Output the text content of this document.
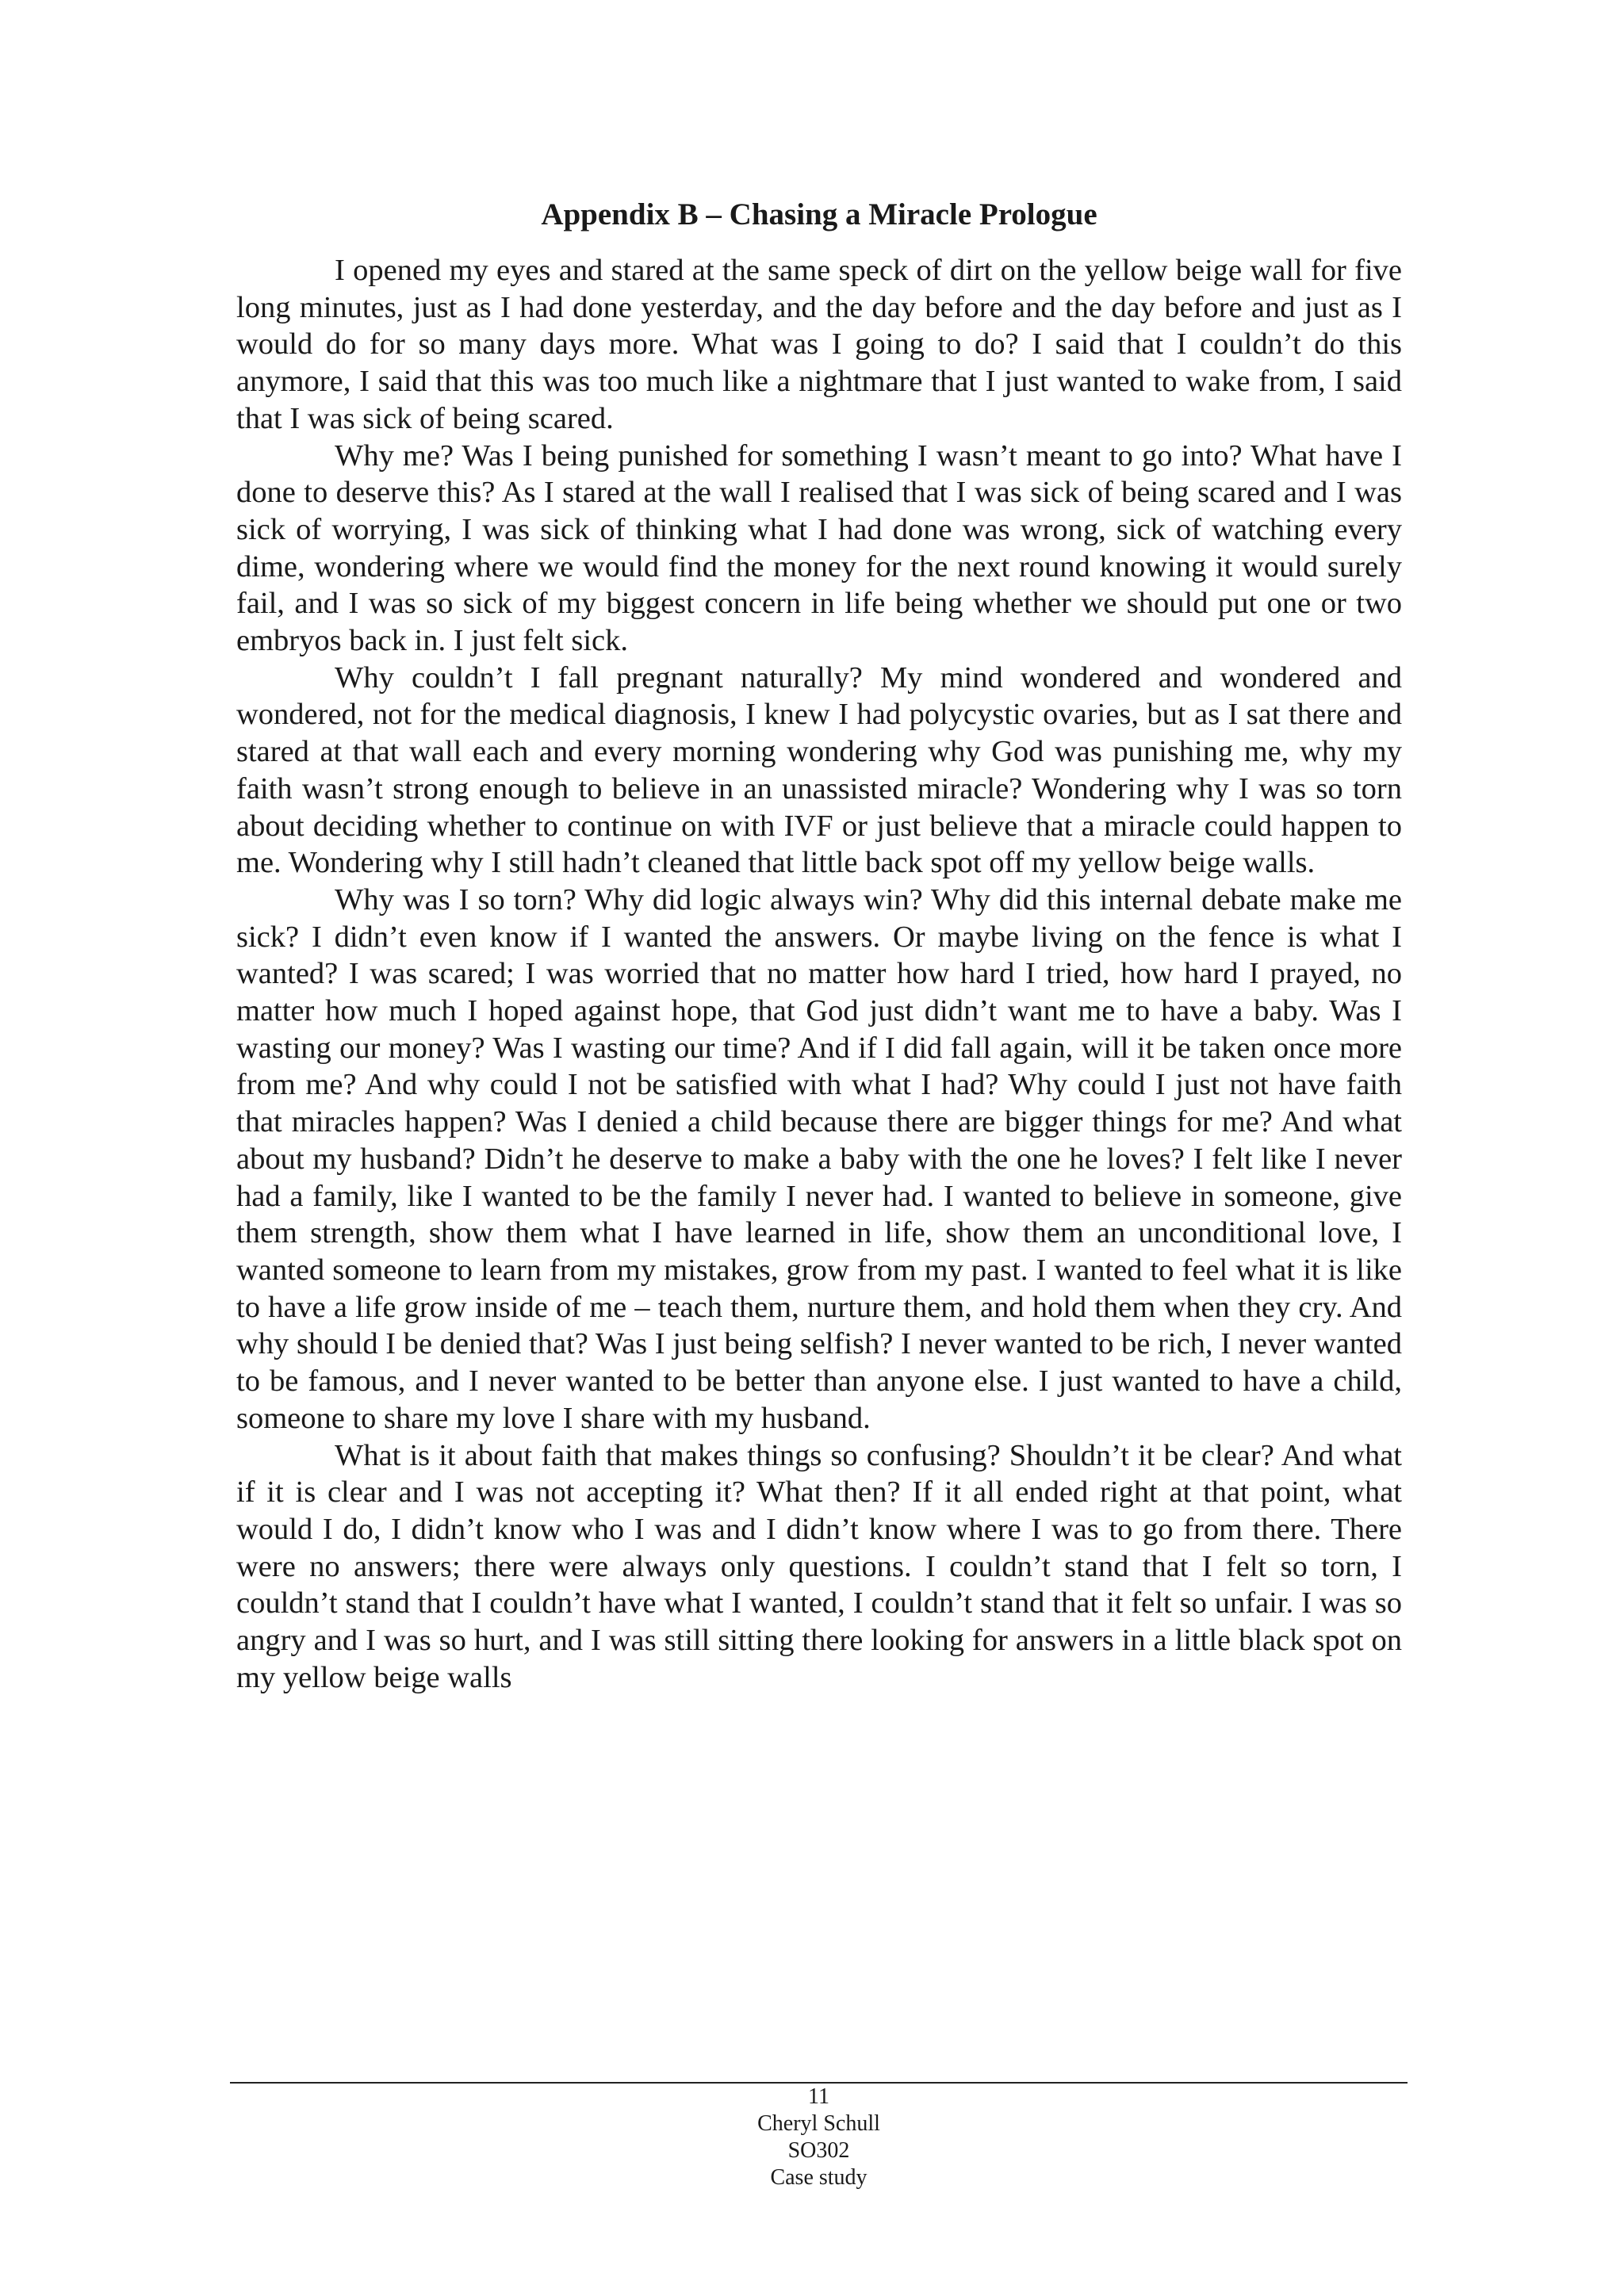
Appendix B – Chasing a Miracle Prologue

I opened my eyes and stared at the same speck of dirt on the yellow beige wall for five long minutes, just as I had done yesterday, and the day before and the day before and just as I would do for so many days more. What was I going to do? I said that I couldn’t do this anymore, I said that this was too much like a nightmare that I just wanted to wake from, I said that I was sick of being scared.

Why me? Was I being punished for something I wasn’t meant to go into? What have I done to deserve this? As I stared at the wall I realised that I was sick of being scared and I was sick of worrying, I was sick of thinking what I had done was wrong, sick of watching every dime, wondering where we would find the money for the next round knowing it would surely fail, and I was so sick of my biggest concern in life being whether we should put one or two embryos back in. I just felt sick.

Why couldn’t I fall pregnant naturally? My mind wondered and wondered and wondered, not for the medical diagnosis, I knew I had polycystic ovaries, but as I sat there and stared at that wall each and every morning wondering why God was punishing me, why my faith wasn’t strong enough to believe in an unassisted miracle? Wondering why I was so torn about deciding whether to continue on with IVF or just believe that a miracle could happen to me. Wondering why I still hadn’t cleaned that little back spot off my yellow beige walls.

Why was I so torn? Why did logic always win? Why did this internal debate make me sick? I didn’t even know if I wanted the answers. Or maybe living on the fence is what I wanted? I was scared; I was worried that no matter how hard I tried, how hard I prayed, no matter how much I hoped against hope, that God just didn’t want me to have a baby. Was I wasting our money? Was I wasting our time? And if I did fall again, will it be taken once more from me? And why could I not be satisfied with what I had? Why could I just not have faith that miracles happen? Was I denied a child because there are bigger things for me? And what about my husband? Didn’t he deserve to make a baby with the one he loves? I felt like I never had a family, like I wanted to be the family I never had. I wanted to believe in someone, give them strength, show them what I have learned in life, show them an unconditional love, I wanted someone to learn from my mistakes, grow from my past. I wanted to feel what it is like to have a life grow inside of me – teach them, nurture them, and hold them when they cry. And why should I be denied that? Was I just being selfish? I never wanted to be rich, I never wanted to be famous, and I never wanted to be better than anyone else. I just wanted to have a child, someone to share my love I share with my husband.

What is it about faith that makes things so confusing? Shouldn’t it be clear? And what if it is clear and I was not accepting it? What then? If it all ended right at that point, what would I do, I didn’t know who I was and I didn’t know where I was to go from there. There were no answers; there were always only questions. I couldn’t stand that I felt so torn, I couldn’t stand that I couldn’t have what I wanted, I couldn’t stand that it felt so unfair. I was so angry and I was so hurt, and I was still sitting there looking for answers in a little black spot on my yellow beige walls

11
Cheryl Schull
SO302
Case study
